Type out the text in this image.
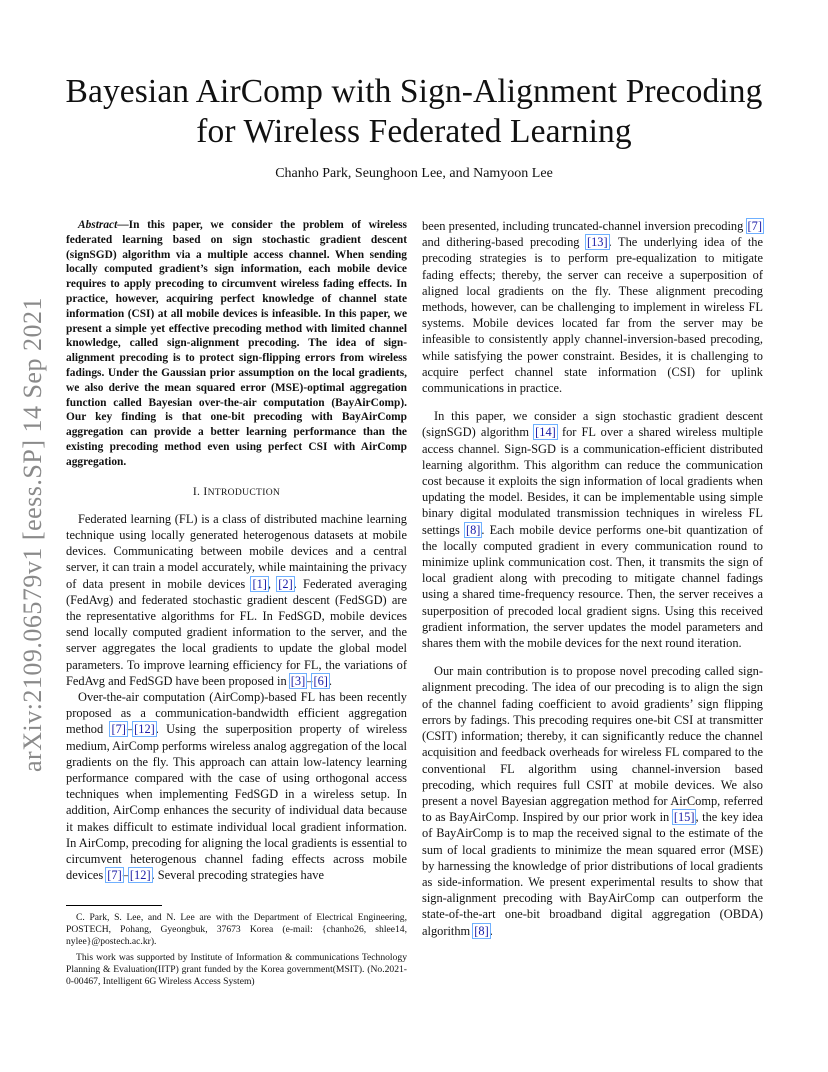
Bayesian AirComp with Sign-Alignment Precoding
for Wireless Federated Learning
Chanho Park, Seunghoon Lee, and Namyoon Lee
arXiv:2109.06579v1 [eess.SP] 14 Sep 2021

Abstract—In this paper, we consider the problem of wireless federated learning based on sign stochastic gradient descent (signSGD) algorithm via a multiple access channel. When sending locally computed gradient’s sign information, each mobile device requires to apply precoding to circumvent wireless fading effects. In practice, however, acquiring perfect knowledge of channel state information (CSI) at all mobile devices is infeasible. In this paper, we present a simple yet effective precoding method with limited channel knowledge, called sign-alignment precoding. The idea of sign-alignment precoding is to protect sign-flipping errors from wireless fadings. Under the Gaussian prior assumption on the local gradients, we also derive the mean squared error (MSE)-optimal aggregation function called Bayesian over-the-air computation (BayAirComp). Our key finding is that one-bit precoding with BayAirComp aggregation can provide a better learning performance than the existing precoding method even using perfect CSI with AirComp aggregation.

I. INTRODUCTION

Federated learning (FL) is a class of distributed machine learning technique using locally generated heterogenous datasets at mobile devices. Communicating between mobile devices and a central server, it can train a model accurately, while maintaining the privacy of data present in mobile devices [1], [2]. Federated averaging (FedAvg) and federated stochastic gradient descent (FedSGD) are the representative algorithms for FL. In FedSGD, mobile devices send locally computed gradient information to the server, and the server aggregates the local gradients to update the global model parameters. To improve learning efficiency for FL, the variations of FedAvg and FedSGD have been proposed in [3]–[6].

Over-the-air computation (AirComp)-based FL has been recently proposed as a communication-bandwidth efficient aggregation method [7]–[12]. Using the superposition property of wireless medium, AirComp performs wireless analog aggregation of the local gradients on the fly. This approach can attain low-latency learning performance compared with the case of using orthogonal access techniques when implementing FedSGD in a wireless setup. In addition, AirComp enhances the security of individual data because it makes difficult to estimate individual local gradient information. In AirComp, precoding for aligning the local gradients is essential to circumvent heterogenous channel fading effects across mobile devices [7]–[12]. Several precoding strategies have

been presented, including truncated-channel inversion precoding [7] and dithering-based precoding [13]. The underlying idea of the precoding strategies is to perform pre-equalization to mitigate fading effects; thereby, the server can receive a superposition of aligned local gradients on the fly. These alignment precoding methods, however, can be challenging to implement in wireless FL systems. Mobile devices located far from the server may be infeasible to consistently apply channel-inversion-based precoding, while satisfying the power constraint. Besides, it is challenging to acquire perfect channel state information (CSI) for uplink communications in practice.

In this paper, we consider a sign stochastic gradient descent (signSGD) algorithm [14] for FL over a shared wireless multiple access channel. Sign-SGD is a communication-efficient distributed learning algorithm. This algorithm can reduce the communication cost because it exploits the sign information of local gradients when updating the model. Besides, it can be implementable using simple binary digital modulated transmission techniques in wireless FL settings [8]. Each mobile device performs one-bit quantization of the locally computed gradient in every communication round to minimize uplink communication cost. Then, it transmits the sign of local gradient along with precoding to mitigate channel fadings using a shared time-frequency resource. Then, the server receives a superposition of precoded local gradient signs. Using this received gradient information, the server updates the model parameters and shares them with the mobile devices for the next round iteration.

Our main contribution is to propose novel precoding called sign-alignment precoding. The idea of our precoding is to align the sign of the channel fading coefficient to avoid gradients’ sign flipping errors by fadings. This precoding requires one-bit CSI at transmitter (CSIT) information; thereby, it can significantly reduce the channel acquisition and feedback overheads for wireless FL compared to the conventional FL algorithm using channel-inversion based precoding, which requires full CSIT at mobile devices. We also present a novel Bayesian aggregation method for AirComp, referred to as BayAirComp. Inspired by our prior work in [15], the key idea of BayAirComp is to map the received signal to the estimate of the sum of local gradients to minimize the mean squared error (MSE) by harnessing the knowledge of prior distributions of local gradients as side-information. We present experimental results to show that sign-alignment precoding with BayAirComp can outperform the state-of-the-art one-bit broadband digital aggregation (OBDA) algorithm [8].

C. Park, S. Lee, and N. Lee are with the Department of Electrical Engineering, POSTECH, Pohang, Gyeongbuk, 37673 Korea (e-mail: {chanho26, shlee14, nylee}@postech.ac.kr).

This work was supported by Institute of Information & communications Technology Planning & Evaluation(IITP) grant funded by the Korea government(MSIT). (No.2021-0-00467, Intelligent 6G Wireless Access System)
